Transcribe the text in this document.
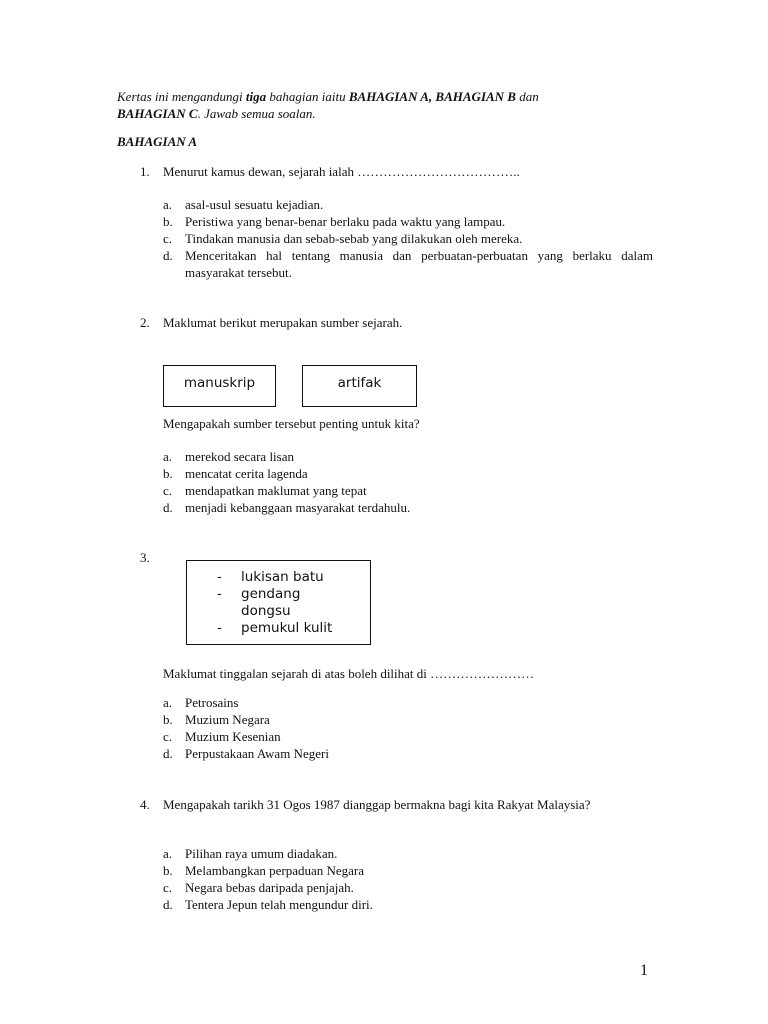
Kertas ini mengandungi tiga bahagian iaitu BAHAGIAN A, BAHAGIAN B dan
BAHAGIAN C. Jawab semua soalan.
BAHAGIAN A
1.	Menurut kamus dewan, sejarah ialah ………………………………..
a. asal-usul sesuatu kejadian.
b. Peristiwa yang benar-benar berlaku pada waktu yang lampau.
c. Tindakan manusia dan sebab-sebab yang dilakukan oleh mereka.
d. Menceritakan hal tentang manusia dan perbuatan-perbuatan yang berlaku dalam masyarakat tersebut.
2.	Maklumat berikut merupakan sumber sejarah.
manuskrip	artifak
Mengapakah sumber tersebut penting untuk kita?
a. merekod secara lisan
b. mencatat cerita lagenda
c. mendapatkan maklumat yang tepat
d. menjadi kebanggaan masyarakat terdahulu.
3.
- lukisan batu
- gendang
dongsu
- pemukul kulit
Maklumat tinggalan sejarah di atas boleh dilihat di ……………………
a. Petrosains
b. Muzium Negara
c. Muzium Kesenian
d. Perpustakaan Awam Negeri
4.	Mengapakah tarikh 31 Ogos 1987 dianggap bermakna bagi kita Rakyat Malaysia?
a. Pilihan raya umum diadakan.
b. Melambangkan perpaduan Negara
c. Negara bebas daripada penjajah.
d. Tentera Jepun telah mengundur diri.
1
